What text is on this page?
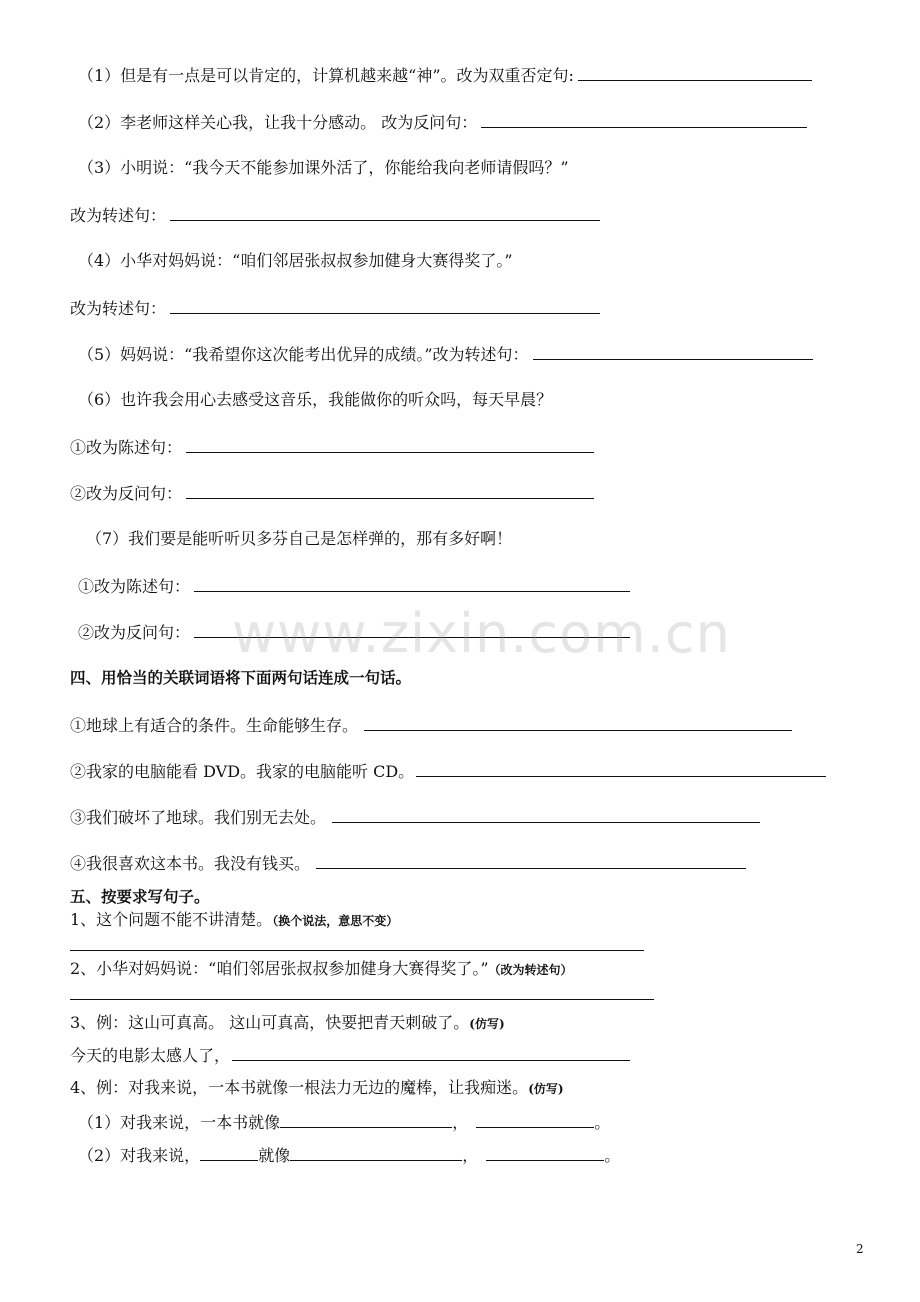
（1）但是有一点是可以肯定的，计算机越来越“神”。改为双重否定句:
（2）李老师这样关心我，让我十分感动。 改为反问句：
（3）小明说：“我今天不能参加课外活了，你能给我向老师请假吗？”
改为转述句：
（4）小华对妈妈说：“咱们邻居张叔叔参加健身大赛得奖了。”
改为转述句：
（5）妈妈说：“我希望你这次能考出优异的成绩。”改为转述句：
（6）也许我会用心去感受这音乐，我能做你的听众吗，每天早晨？
①改为陈述句：
②改为反问句：
（7）我们要是能听听贝多芬自己是怎样弹的，那有多好啊！
①改为陈述句：
②改为反问句： www.zixin.com.cn
四、用恰当的关联词语将下面两句话连成一句话。
①地球上有适合的条件。生命能够生存。
②我家的电脑能看 DVD。我家的电脑能听 CD。
③我们破坏了地球。我们别无去处。
④我很喜欢这本书。我没有钱买。
五、按要求写句子。
1、这个问题不能不讲清楚。（换个说法，意思不变）
2、小华对妈妈说：“咱们邻居张叔叔参加健身大赛得奖了。”（改为转述句）
3、例：这山可真高。 这山可真高，快要把青天刺破了。(仿写)
今天的电影太感人了，
4、例：对我来说，一本书就像一根法力无边的魔棒，让我痴迷。(仿写)
（1）对我来说，一本书就像	，	。
（2）对我来说，	就像	，	。
2
